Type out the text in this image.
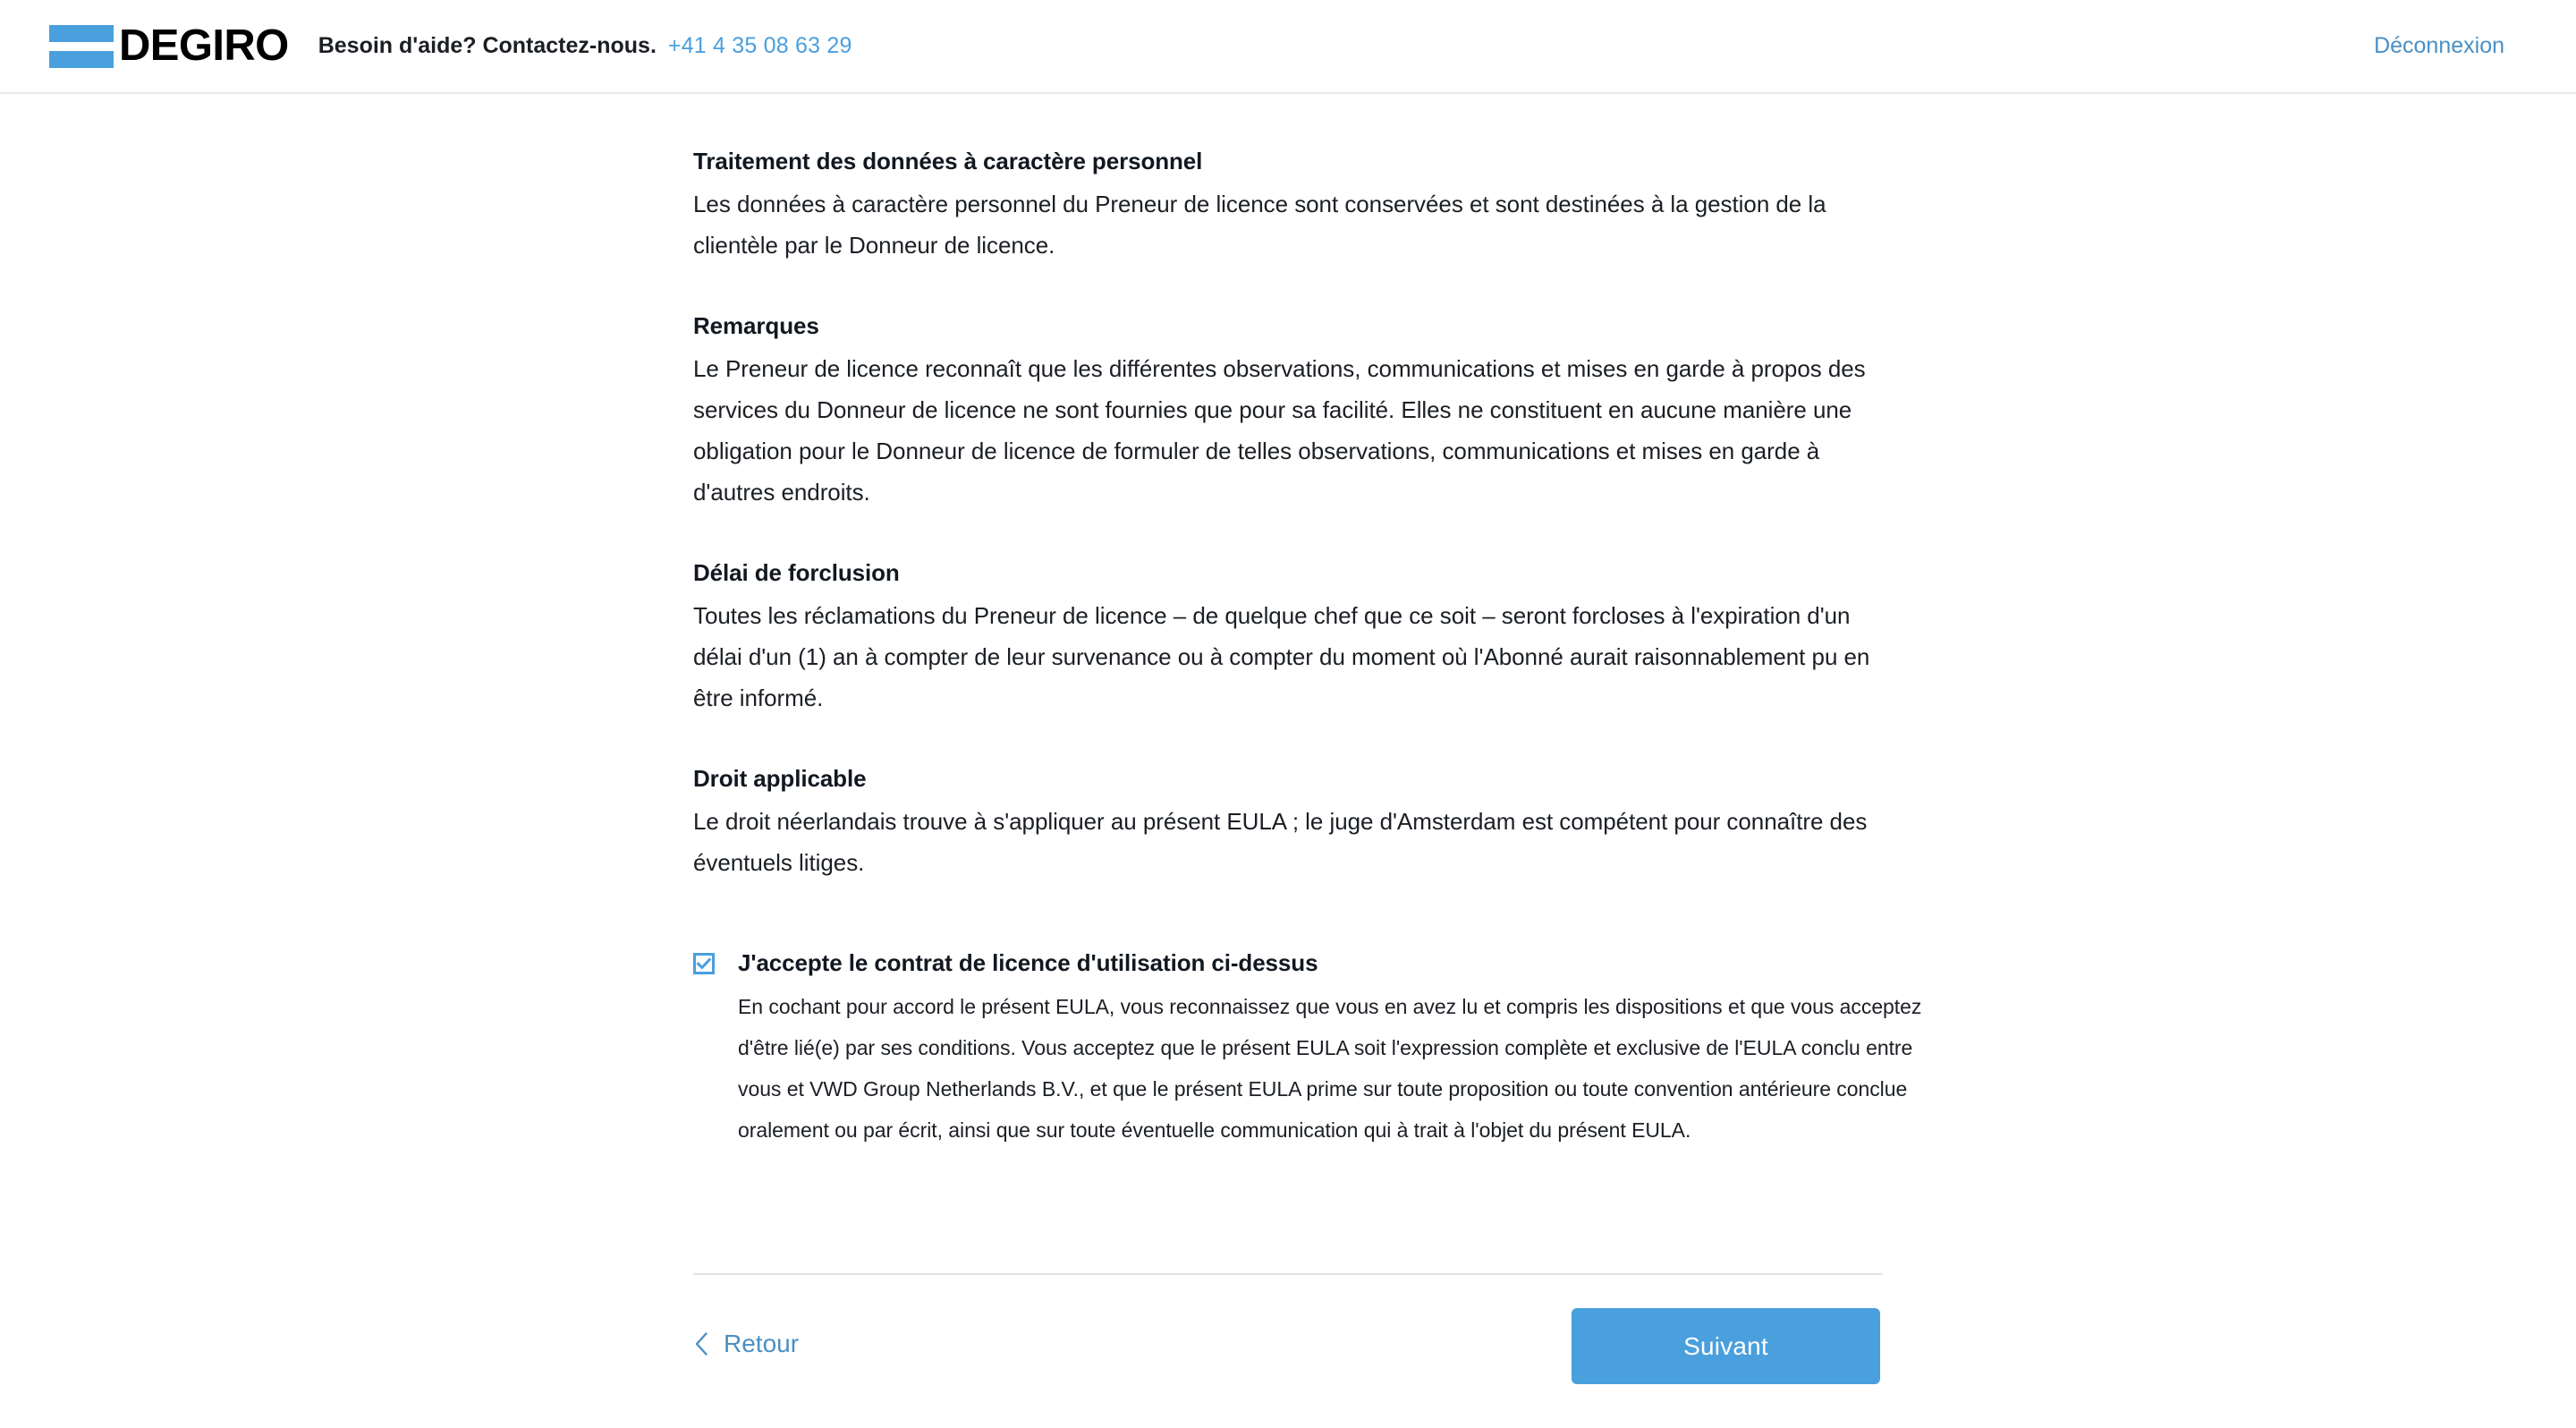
DEGIRO Besoin d'aide? Contactez-nous. +41 4 35 08 63 29	Déconnexion

Traitement des données à caractère personnel

Les données à caractère personnel du Preneur de licence sont conservées et sont destinées à la gestion de la clientèle par le Donneur de licence.

Remarques

Le Preneur de licence reconnaît que les différentes observations, communications et mises en garde à propos des services du Donneur de licence ne sont fournies que pour sa facilité. Elles ne constituent en aucune manière une obligation pour le Donneur de licence de formuler de telles observations, communications et mises en garde à d'autres endroits.

Délai de forclusion

Toutes les réclamations du Preneur de licence – de quelque chef que ce soit – seront forcloses à l'expiration d'un délai d'un (1) an à compter de leur survenance ou à compter du moment où l'Abonné aurait raisonnablement pu en être informé.

Droit applicable

Le droit néerlandais trouve à s'appliquer au présent EULA ; le juge d'Amsterdam est compétent pour connaître des éventuels litiges.

J'accepte le contrat de licence d'utilisation ci-dessus

En cochant pour accord le présent EULA, vous reconnaissez que vous en avez lu et compris les dispositions et que vous acceptez d'être lié(e) par ses conditions. Vous acceptez que le présent EULA soit l'expression complète et exclusive de l'EULA conclu entre vous et VWD Group Netherlands B.V., et que le présent EULA prime sur toute proposition ou toute convention antérieure conclue oralement ou par écrit, ainsi que sur toute éventuelle communication qui à trait à l'objet du présent EULA.

Retour	Suivant
